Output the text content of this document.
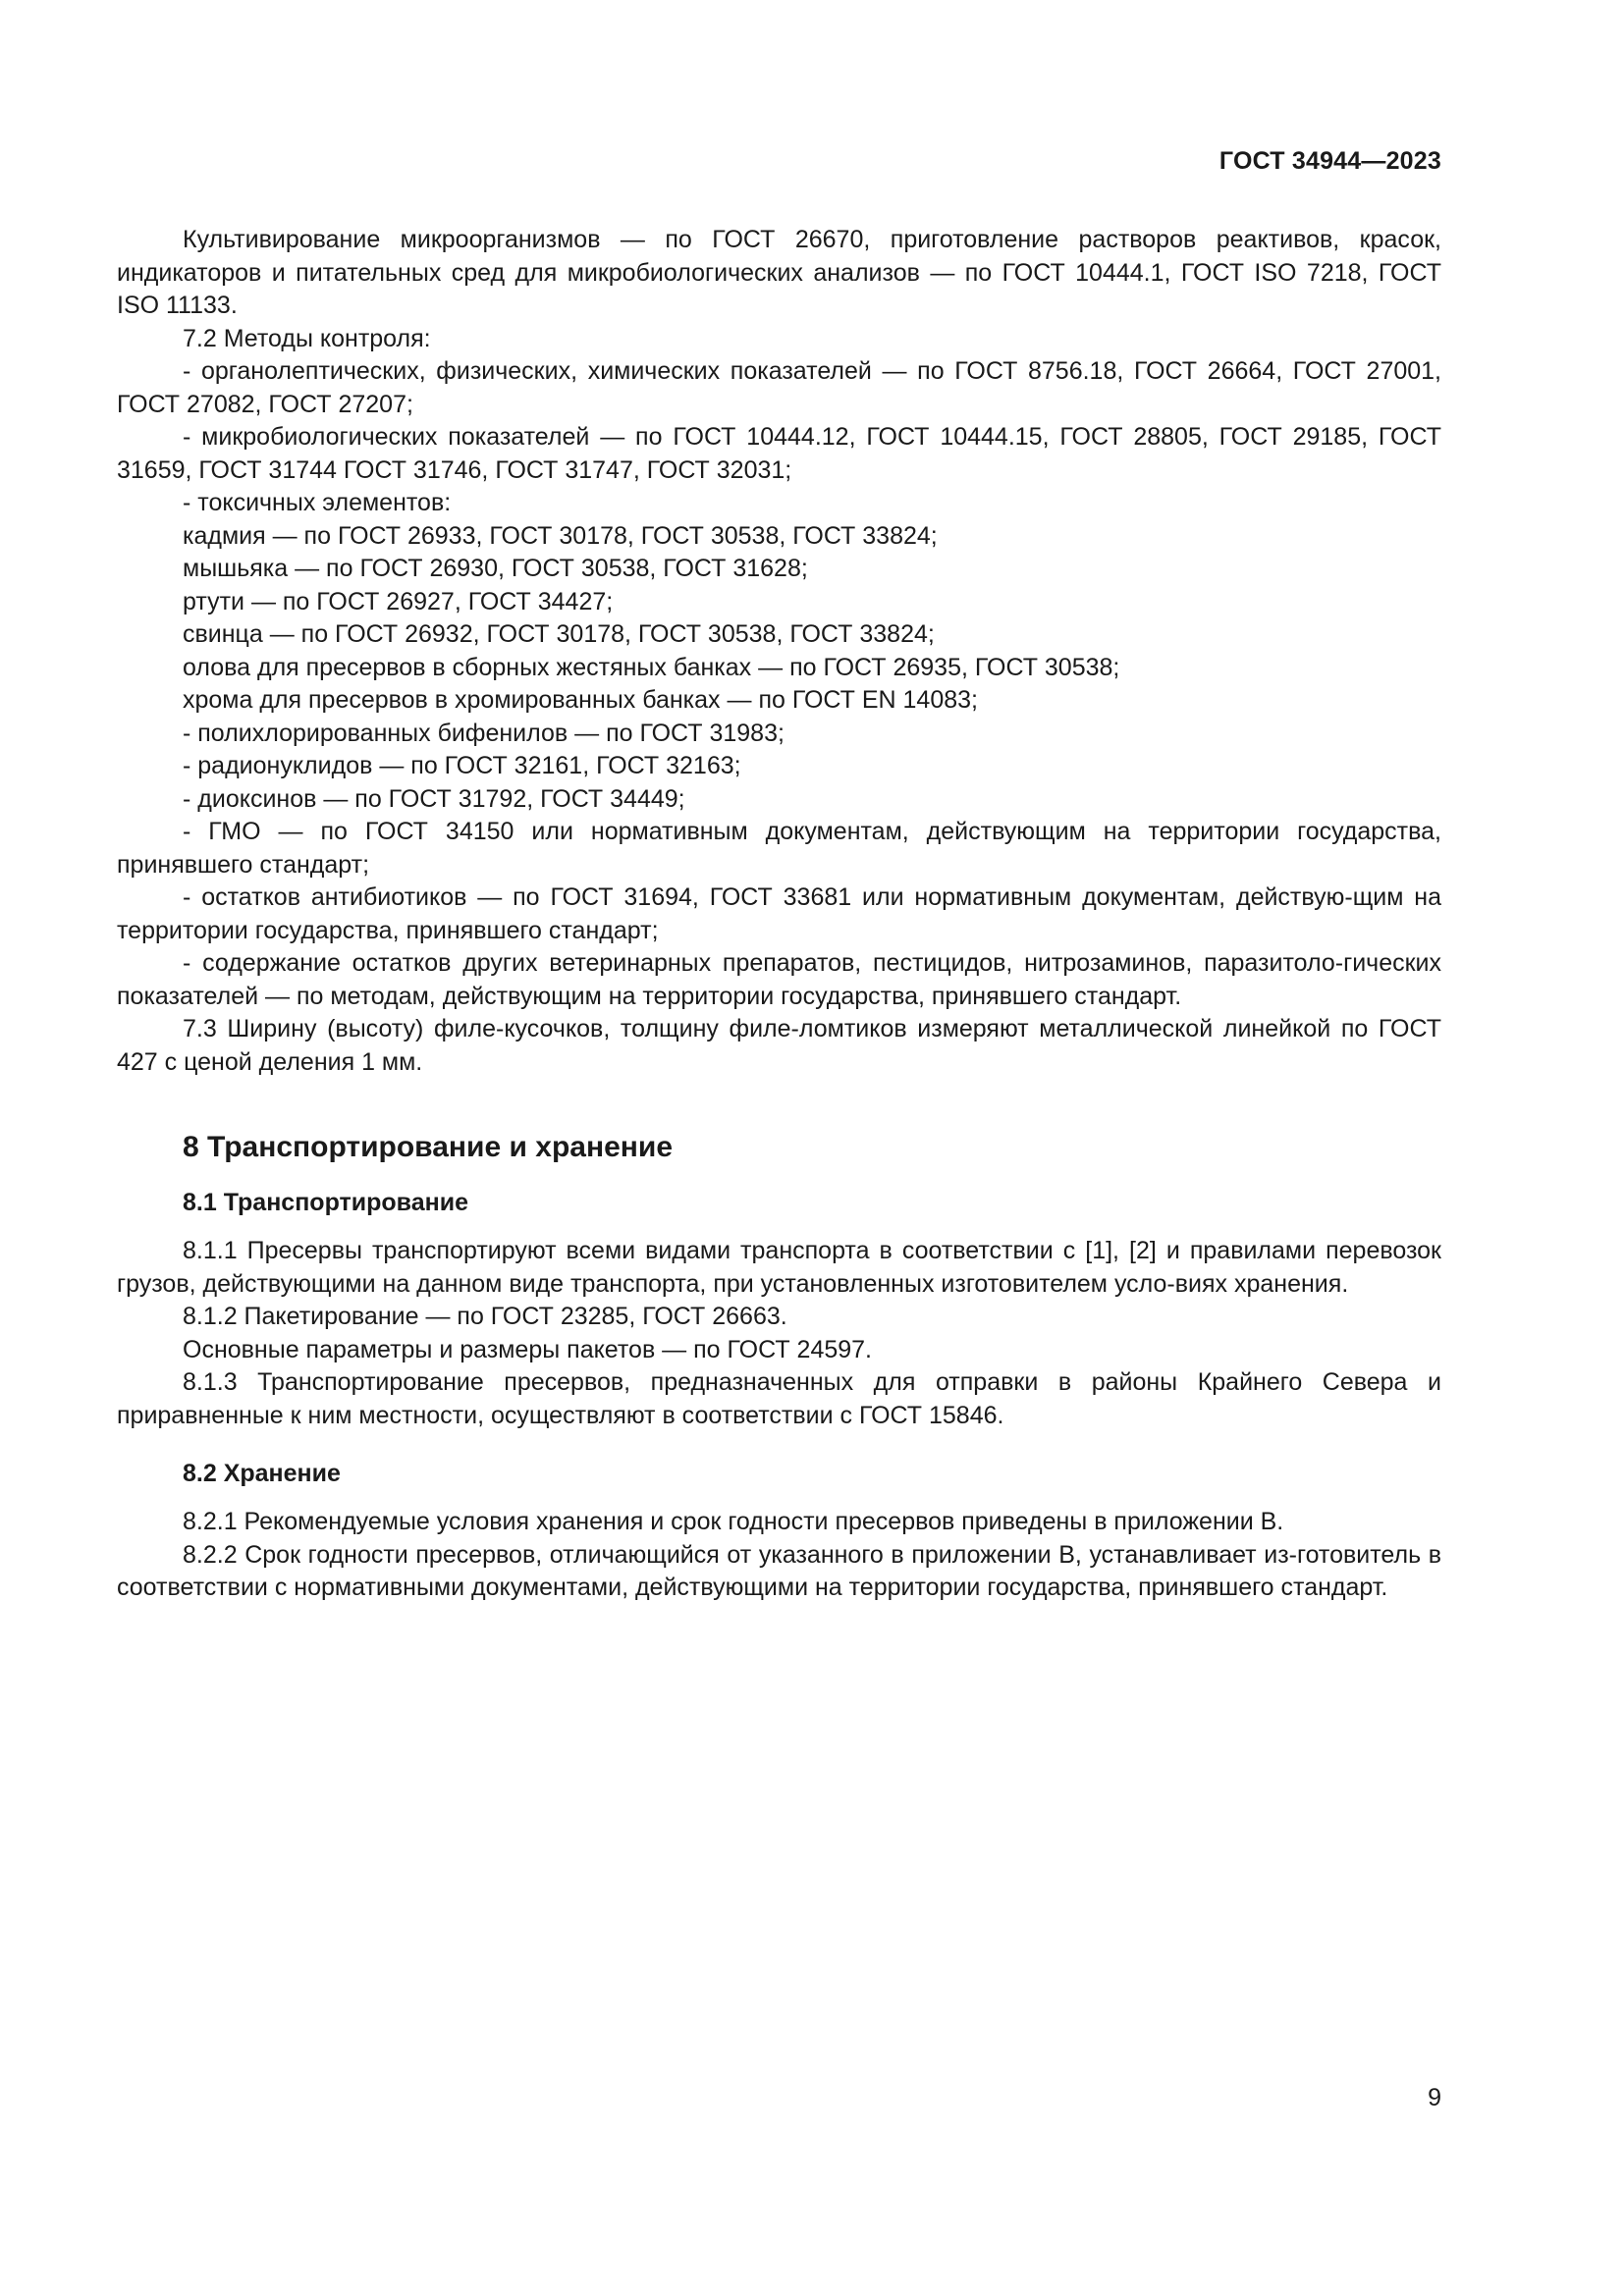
ГОСТ 34944—2023

Культивирование микроорганизмов — по ГОСТ 26670, приготовление растворов реактивов, красок, индикаторов и питательных сред для микробиологических анализов — по ГОСТ 10444.1, ГОСТ ISO 7218, ГОСТ ISO 11133.

7.2 Методы контроля:

- органолептических, физических, химических показателей — по ГОСТ 8756.18, ГОСТ 26664, ГОСТ 27001, ГОСТ 27082, ГОСТ 27207;

- микробиологических показателей — по ГОСТ 10444.12, ГОСТ 10444.15, ГОСТ 28805, ГОСТ 29185, ГОСТ 31659, ГОСТ 31744 ГОСТ 31746, ГОСТ 31747, ГОСТ 32031;

- токсичных элементов:

кадмия — по ГОСТ 26933, ГОСТ 30178, ГОСТ 30538, ГОСТ 33824;

мышьяка — по ГОСТ 26930, ГОСТ 30538, ГОСТ 31628;

ртути — по ГОСТ 26927, ГОСТ 34427;

свинца — по ГОСТ 26932, ГОСТ 30178, ГОСТ 30538, ГОСТ 33824;

олова для пресервов в сборных жестяных банках — по ГОСТ 26935, ГОСТ 30538;

хрома для пресервов в хромированных банках — по ГОСТ EN 14083;

- полихлорированных бифенилов — по ГОСТ 31983;

- радионуклидов — по ГОСТ 32161, ГОСТ 32163;

- диоксинов — по ГОСТ 31792, ГОСТ 34449;

- ГМО — по ГОСТ 34150 или нормативным документам, действующим на территории государства, принявшего стандарт;

- остатков антибиотиков — по ГОСТ 31694, ГОСТ 33681 или нормативным документам, действую-щим на территории государства, принявшего стандарт;

- содержание остатков других ветеринарных препаратов, пестицидов, нитрозаминов, паразитоло-гических показателей — по методам, действующим на территории государства, принявшего стандарт.

7.3 Ширину (высоту) филе-кусочков, толщину филе-ломтиков измеряют металлической линейкой по ГОСТ 427 с ценой деления 1 мм.

8 Транспортирование и хранение
8.1 Транспортирование

8.1.1 Пресервы транспортируют всеми видами транспорта в соответствии с [1], [2] и правилами перевозок грузов, действующими на данном виде транспорта, при установленных изготовителем усло-виях хранения.

8.1.2 Пакетирование — по ГОСТ 23285, ГОСТ 26663.

Основные параметры и размеры пакетов — по ГОСТ 24597.

8.1.3 Транспортирование пресервов, предназначенных для отправки в районы Крайнего Севера и приравненные к ним местности, осуществляют в соответствии с ГОСТ 15846.

8.2 Хранение

8.2.1 Рекомендуемые условия хранения и срок годности пресервов приведены в приложении В.

8.2.2 Срок годности пресервов, отличающийся от указанного в приложении В, устанавливает из-готовитель в соответствии с нормативными документами, действующими на территории государства, принявшего стандарт.

9
